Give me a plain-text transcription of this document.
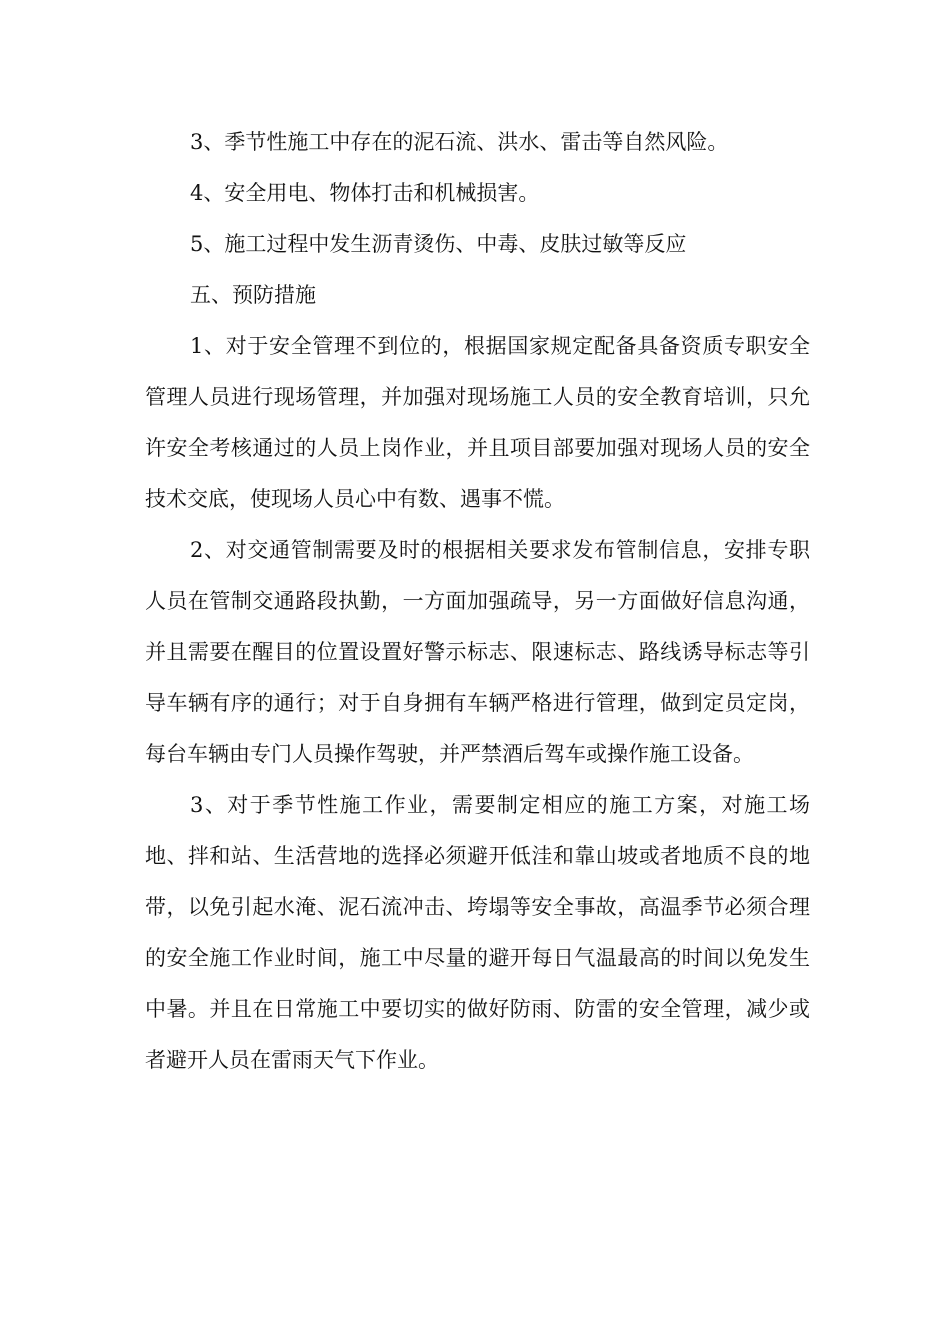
3、季节性施工中存在的泥石流、洪水、雷击等自然风险。

4、安全用电、物体打击和机械损害。

5、施工过程中发生沥青烫伤、中毒、皮肤过敏等反应

五、预防措施

1、对于安全管理不到位的，根据国家规定配备具备资质专职安全管理人员进行现场管理，并加强对现场施工人员的安全教育培训，只允许安全考核通过的人员上岗作业，并且项目部要加强对现场人员的安全技术交底，使现场人员心中有数、遇事不慌。

2、对交通管制需要及时的根据相关要求发布管制信息，安排专职人员在管制交通路段执勤，一方面加强疏导，另一方面做好信息沟通，并且需要在醒目的位置设置好警示标志、限速标志、路线诱导标志等引导车辆有序的通行；对于自身拥有车辆严格进行管理，做到定员定岗，每台车辆由专门人员操作驾驶，并严禁酒后驾车或操作施工设备。

3、对于季节性施工作业，需要制定相应的施工方案，对施工场地、拌和站、生活营地的选择必须避开低洼和靠山坡或者地质不良的地带，以免引起水淹、泥石流冲击、垮塌等安全事故，高温季节必须合理的安全施工作业时间，施工中尽量的避开每日气温最高的时间以免发生中暑。并且在日常施工中要切实的做好防雨、防雷的安全管理，减少或者避开人员在雷雨天气下作业。
